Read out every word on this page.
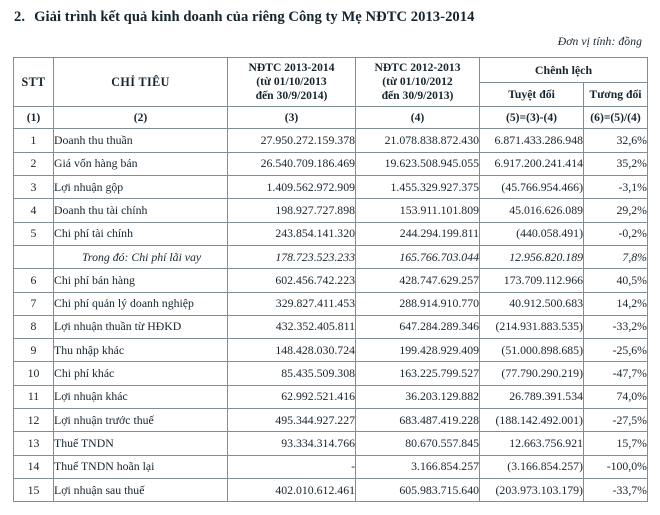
2. Giải trình kết quả kinh doanh của riêng Công ty Mẹ NĐTC 2013-2014
Đơn vị tính: đồng
STT	CHỈ TIÊU	NĐTC 2013-2014
(từ 01/10/2013
đến 30/9/2014)	NĐTC 2012-2013
(từ 01/10/2012
đến 30/9/2013)	Chênh lệch	
				Tuyệt đối	Tương đối
(1)	(2)	(3)	(4)	(5)=(3)-(4)	(6)=(5)/(4)
1	Doanh thu thuần	27.950.272.159.378	21.078.838.872.430	6.871.433.286.948	32,6%
2	Giá vốn hàng bán	26.540.709.186.469	19.623.508.945.055	6.917.200.241.414	35,2%
3	Lợi nhuận gộp	1.409.562.972.909	1.455.329.927.375	(45.766.954.466)	-3,1%
4	Doanh thu tài chính	198.927.727.898	153.911.101.809	45.016.626.089	29,2%
5	Chi phí tài chính	243.854.141.320	244.294.199.811	(440.058.491)	-0,2%
	Trong đó: Chi phí lãi vay	178.723.523.233	165.766.703.044	12.956.820.189	7,8%
6	Chi phí bán hàng	602.456.742.223	428.747.629.257	173.709.112.966	40,5%
7	Chi phí quản lý doanh nghiệp	329.827.411.453	288.914.910.770	40.912.500.683	14,2%
8	Lợi nhuận thuần từ HĐKD	432.352.405.811	647.284.289.346	(214.931.883.535)	-33,2%
9	Thu nhập khác	148.428.030.724	199.428.929.409	(51.000.898.685)	-25,6%
10	Chi phí khác	85.435.509.308	163.225.799.527	(77.790.290.219)	-47,7%
11	Lợi nhuận khác	62.992.521.416	36.203.129.882	26.789.391.534	74,0%
12	Lợi nhuận trước thuế	495.344.927.227	683.487.419.228	(188.142.492.001)	-27,5%
13	Thuế TNDN	93.334.314.766	80.670.557.845	12.663.756.921	15,7%
14	Thuế TNDN hoãn lại	-	3.166.854.257	(3.166.854.257)	-100,0%
15	Lợi nhuận sau thuế	402.010.612.461	605.983.715.640	(203.973.103.179)	-33,7%
